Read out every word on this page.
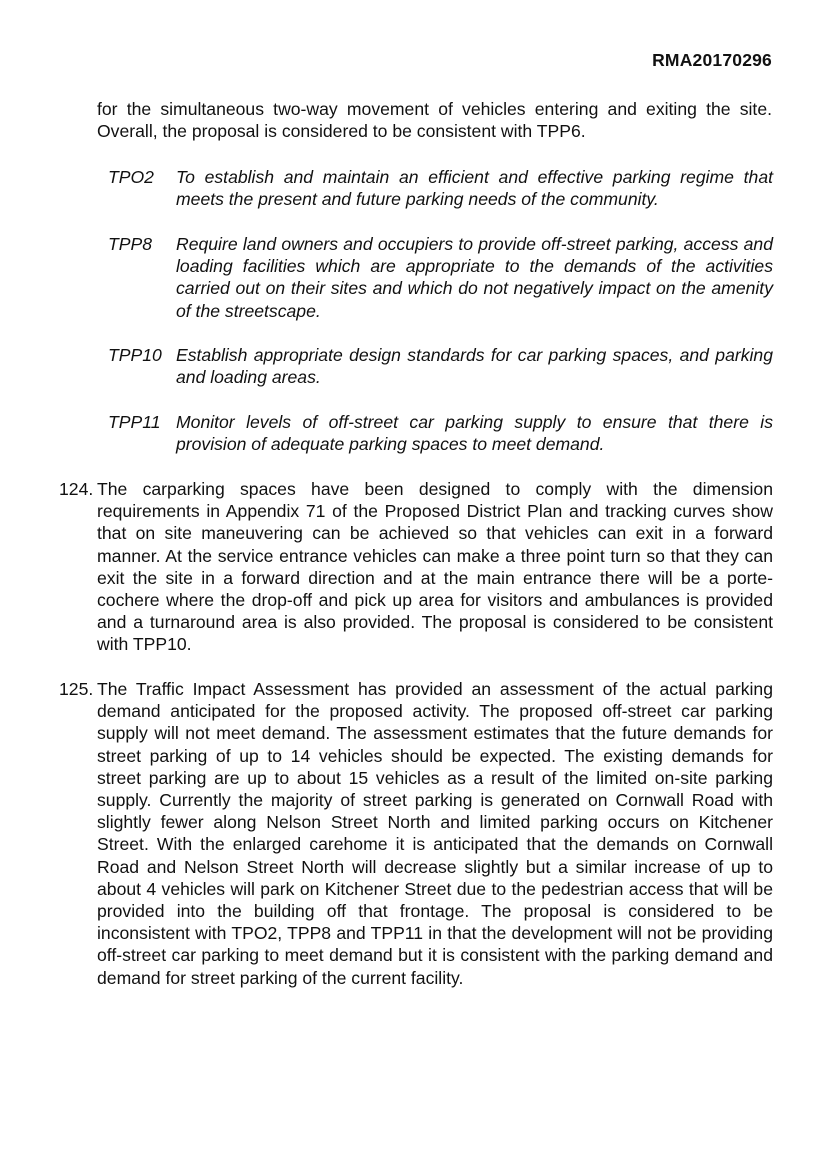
RMA20170296
for the simultaneous two-way movement of vehicles entering and exiting the site. Overall, the proposal is considered to be consistent with TPP6.
TPO2	To establish and maintain an efficient and effective parking regime that meets the present and future parking needs of the community.
TPP8	Require land owners and occupiers to provide off-street parking, access and loading facilities which are appropriate to the demands of the activities carried out on their sites and which do not negatively impact on the amenity of the streetscape.
TPP10 Establish appropriate design standards for car parking spaces, and parking and loading areas.
TPP11 Monitor levels of off-street car parking supply to ensure that there is provision of adequate parking spaces to meet demand.
124. The carparking spaces have been designed to comply with the dimension requirements in Appendix 71 of the Proposed District Plan and tracking curves show that on site maneuvering can be achieved so that vehicles can exit in a forward manner. At the service entrance vehicles can make a three point turn so that they can exit the site in a forward direction and at the main entrance there will be a porte-cochere where the drop-off and pick up area for visitors and ambulances is provided and a turnaround area is also provided. The proposal is considered to be consistent with TPP10.
125. The Traffic Impact Assessment has provided an assessment of the actual parking demand anticipated for the proposed activity. The proposed off-street car parking supply will not meet demand. The assessment estimates that the future demands for street parking of up to 14 vehicles should be expected. The existing demands for street parking are up to about 15 vehicles as a result of the limited on-site parking supply. Currently the majority of street parking is generated on Cornwall Road with slightly fewer along Nelson Street North and limited parking occurs on Kitchener Street. With the enlarged carehome it is anticipated that the demands on Cornwall Road and Nelson Street North will decrease slightly but a similar increase of up to about 4 vehicles will park on Kitchener Street due to the pedestrian access that will be provided into the building off that frontage. The proposal is considered to be inconsistent with TPO2, TPP8 and TPP11 in that the development will not be providing off-street car parking to meet demand but it is consistent with the parking demand and demand for street parking of the current facility.
